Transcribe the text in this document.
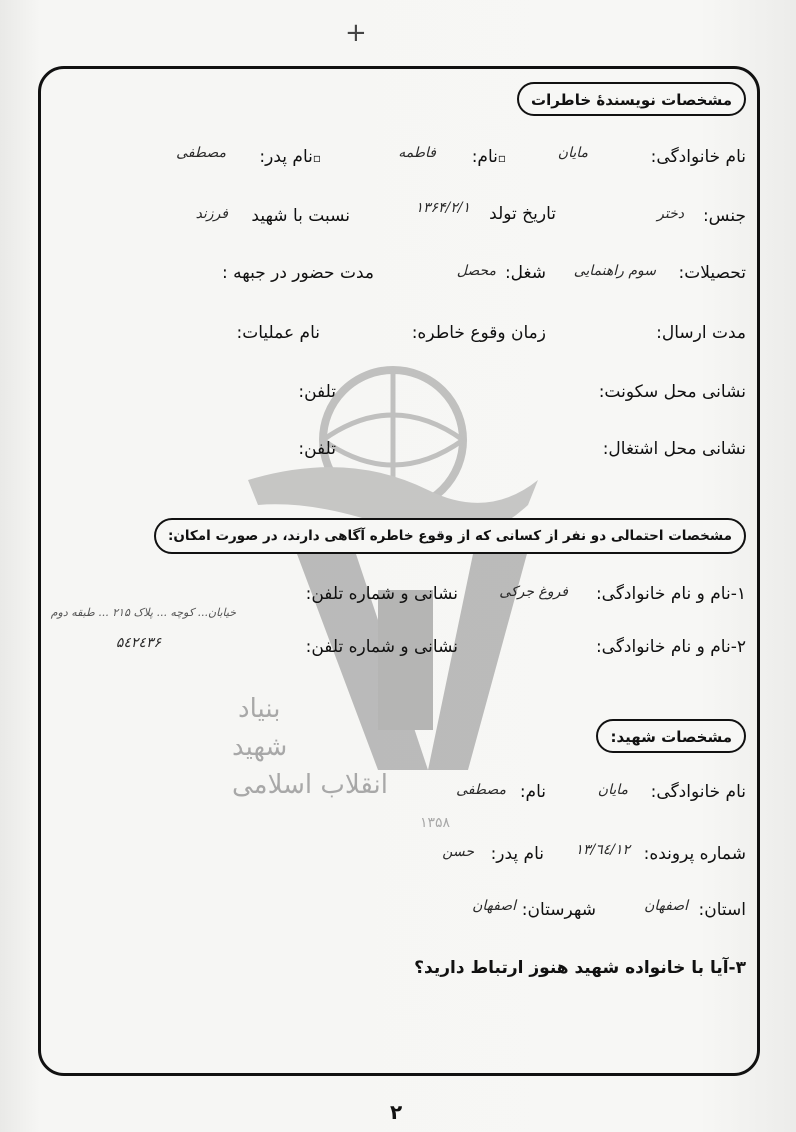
+
بنیاد
شهید
انقلاب اسلامی
۱۳۵۸
مشخصات نویسندهٔ خاطرات
نام خانوادگی:
مایان
▫نام:
فاطمه
▫نام پدر:
مصطفی
جنس:
دختر
تاریخ تولد
۱۳۶۴/۲/۱
نسبت با شهید
فرزند
تحصیلات:
سوم راهنمایی
شغل:
محصل
مدت حضور در جبهه :
مدت ارسال:
زمان وقوع خاطره:
نام عملیات:
نشانی محل سکونت:
تلفن:
نشانی محل اشتغال:
تلفن:
مشخصات احتمالی دو نفر از کسانی که از وقوع خاطره آگاهی دارند، در صورت امکان:
۱-نام و نام خانوادگی:
فروغ جرکی
نشانی و شماره تلفن:
خیابان... کوچه ... پلاک ۲۱۵ ... طبقه دوم
۵٤۲٤۳۶	۲-نام و نام خانوادگی:
نشانی و شماره تلفن:
مشخصات شهید:
نام خانوادگی:
مایان
نام:
مصطفی
شماره پرونده:
۱۲/٦٤/۱۳
نام پدر:
حسن
استان:
اصفهان
شهرستان:
اصفهان
۳-آیا با خانواده شهید هنوز ارتباط دارید؟
۲
